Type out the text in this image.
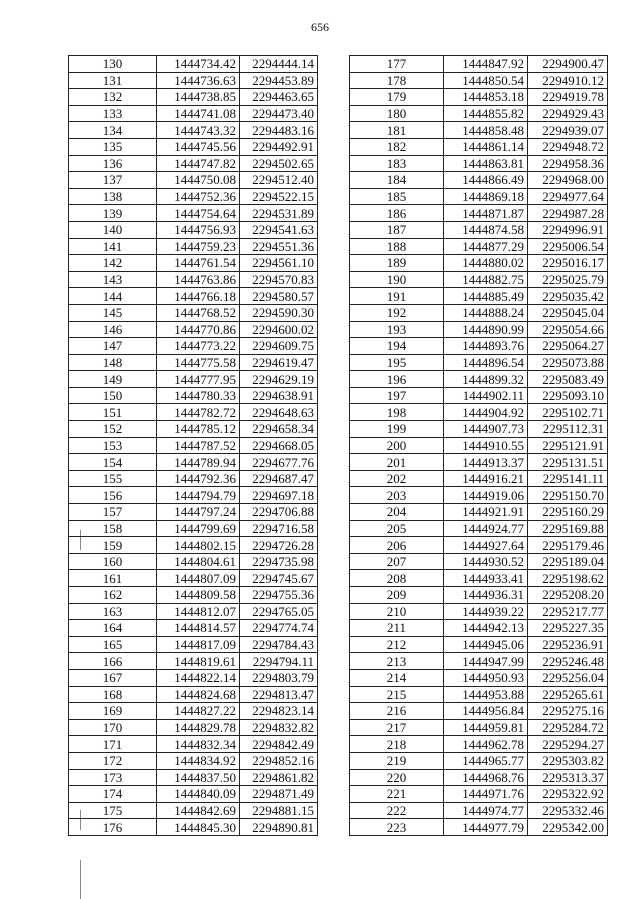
656
130	1444734.42	2294444.14
131	1444736.63	2294453.89
132	1444738.85	2294463.65
133	1444741.08	2294473.40
134	1444743.32	2294483.16
135	1444745.56	2294492.91
136	1444747.82	2294502.65
137	1444750.08	2294512.40
138	1444752.36	2294522.15
139	1444754.64	2294531.89
140	1444756.93	2294541.63
141	1444759.23	2294551.36
142	1444761.54	2294561.10
143	1444763.86	2294570.83
144	1444766.18	2294580.57
145	1444768.52	2294590.30
146	1444770.86	2294600.02
147	1444773.22	2294609.75
148	1444775.58	2294619.47
149	1444777.95	2294629.19
150	1444780.33	2294638.91
151	1444782.72	2294648.63
152	1444785.12	2294658.34
153	1444787.52	2294668.05
154	1444789.94	2294677.76
155	1444792.36	2294687.47
156	1444794.79	2294697.18
157	1444797.24	2294706.88
158	1444799.69	2294716.58
159	1444802.15	2294726.28
160	1444804.61	2294735.98
161	1444807.09	2294745.67
162	1444809.58	2294755.36
163	1444812.07	2294765.05
164	1444814.57	2294774.74
165	1444817.09	2294784.43
166	1444819.61	2294794.11
167	1444822.14	2294803.79
168	1444824.68	2294813.47
169	1444827.22	2294823.14
170	1444829.78	2294832.82
171	1444832.34	2294842.49
172	1444834.92	2294852.16
173	1444837.50	2294861.82
174	1444840.09	2294871.49
175	1444842.69	2294881.15
176	1444845.30	2294890.81
177	1444847.92	2294900.47
178	1444850.54	2294910.12
179	1444853.18	2294919.78
180	1444855.82	2294929.43
181	1444858.48	2294939.07
182	1444861.14	2294948.72
183	1444863.81	2294958.36
184	1444866.49	2294968.00
185	1444869.18	2294977.64
186	1444871.87	2294987.28
187	1444874.58	2294996.91
188	1444877.29	2295006.54
189	1444880.02	2295016.17
190	1444882.75	2295025.79
191	1444885.49	2295035.42
192	1444888.24	2295045.04
193	1444890.99	2295054.66
194	1444893.76	2295064.27
195	1444896.54	2295073.88
196	1444899.32	2295083.49
197	1444902.11	2295093.10
198	1444904.92	2295102.71
199	1444907.73	2295112.31
200	1444910.55	2295121.91
201	1444913.37	2295131.51
202	1444916.21	2295141.11
203	1444919.06	2295150.70
204	1444921.91	2295160.29
205	1444924.77	2295169.88
206	1444927.64	2295179.46
207	1444930.52	2295189.04
208	1444933.41	2295198.62
209	1444936.31	2295208.20
210	1444939.22	2295217.77
211	1444942.13	2295227.35
212	1444945.06	2295236.91
213	1444947.99	2295246.48
214	1444950.93	2295256.04
215	1444953.88	2295265.61
216	1444956.84	2295275.16
217	1444959.81	2295284.72
218	1444962.78	2295294.27
219	1444965.77	2295303.82
220	1444968.76	2295313.37
221	1444971.76	2295322.92
222	1444974.77	2295332.46
223	1444977.79	2295342.00
